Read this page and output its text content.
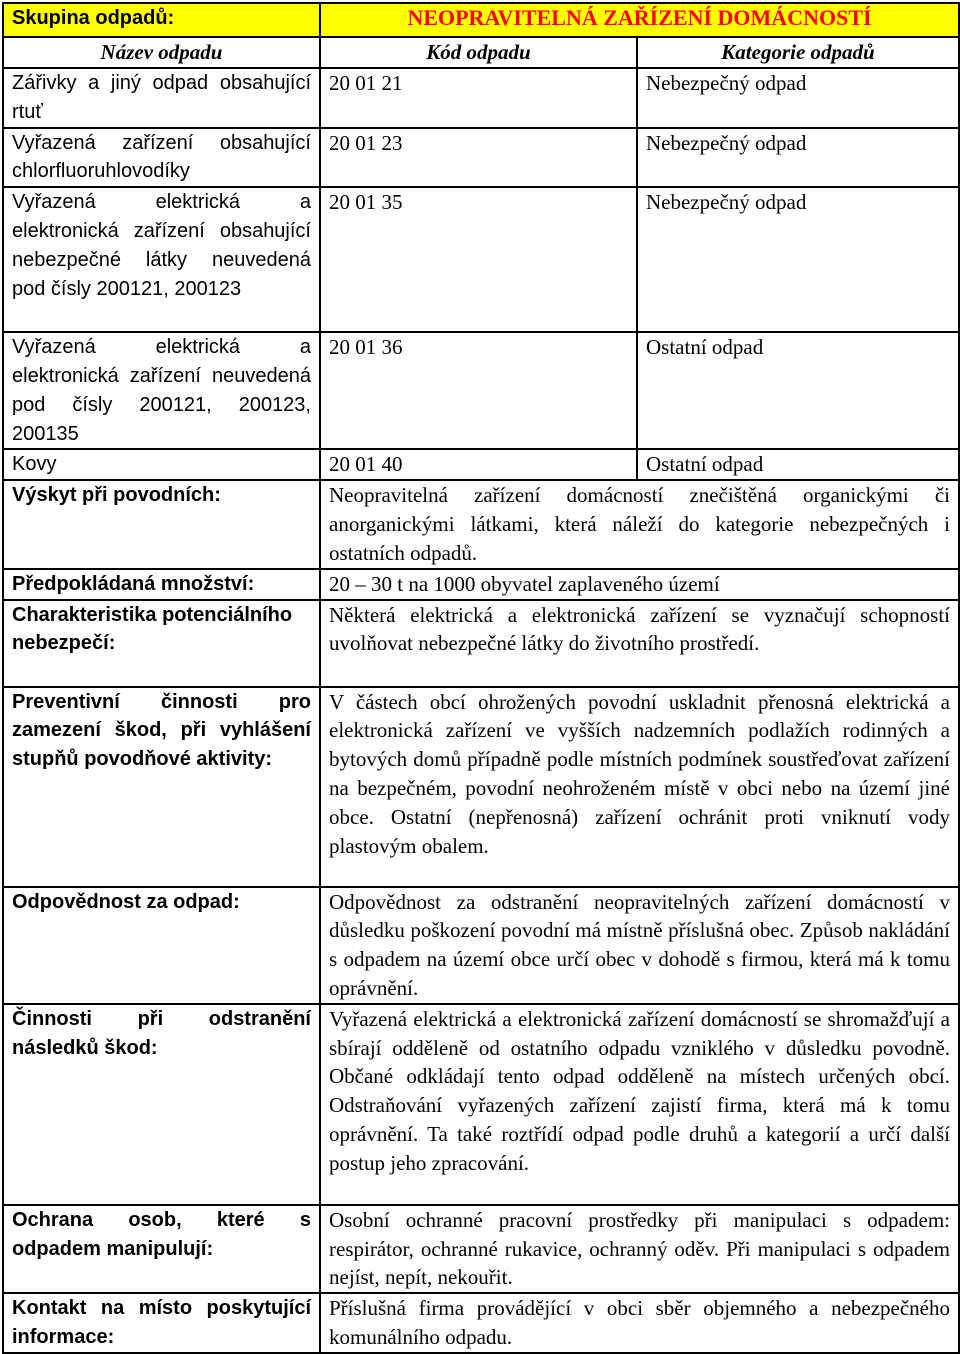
Skupina odpadů:	NEOPRAVITELNÁ ZAŘÍZENÍ DOMÁCNOSTÍ	
Název odpadu	Kód odpadu	Kategorie odpadů
Zářivky a jiný odpad obsahující rtuť	20 01 21	Nebezpečný odpad
Vyřazená zařízení obsahující chlorfluoruhlovodíky	20 01 23	Nebezpečný odpad
Vyřazená elektrická a elektronická zařízení obsahující nebezpečné látky neuvedená pod čísly 200121, 200123	20 01 35	Nebezpečný odpad
Vyřazená elektrická a elektronická zařízení neuvedená pod čísly 200121, 200123, 200135	20 01 36	Ostatní odpad
Kovy	20 01 40	Ostatní odpad
Výskyt při povodních:	Neopravitelná zařízení domácností znečištěná organickými či anorganickými látkami, která náleží do kategorie nebezpečných i ostatních odpadů.	
Předpokládaná množství:	20 – 30 t na 1000 obyvatel zaplaveného území	
Charakteristika potenciálního nebezpečí:	Některá elektrická a elektronická zařízení se vyznačují schopností uvolňovat nebezpečné látky do životního prostředí.	
Preventivní činnosti pro zamezení škod, při vyhlášení stupňů povodňové aktivity:	V částech obcí ohrožených povodní uskladnit přenosná elektrická a elektronická zařízení ve vyšších nadzemních podlažích rodinných a bytových domů případně podle místních podmínek soustřeďovat zařízení na bezpečném, povodní neohroženém místě v obci nebo na území jiné obce. Ostatní (nepřenosná) zařízení ochránit proti vniknutí vody plastovým obalem.	
Odpovědnost za odpad:	Odpovědnost za odstranění neopravitelných zařízení domácností v důsledku poškození povodní má místně příslušná obec. Způsob nakládání s odpadem na území obce určí obec v dohodě s firmou, která má k tomu oprávnění.	
Činnosti při odstranění následků škod:	Vyřazená elektrická a elektronická zařízení domácností se shromažďují a sbírají odděleně od ostatního odpadu vzniklého v důsledku povodně. Občané odkládají tento odpad odděleně na místech určených obcí. Odstraňování vyřazených zařízení zajistí firma, která má k tomu oprávnění. Ta také roztřídí odpad podle druhů a kategorií a určí další postup jeho zpracování.	
Ochrana osob, které s odpadem manipulují:	Osobní ochranné pracovní prostředky při manipulaci s odpadem: respirátor, ochranné rukavice, ochranný oděv. Při manipulaci s odpadem nejíst, nepít, nekouřit.	
Kontakt na místo poskytující informace:	Příslušná firma provádějící v obci sběr objemného a nebezpečného komunálního odpadu.	
